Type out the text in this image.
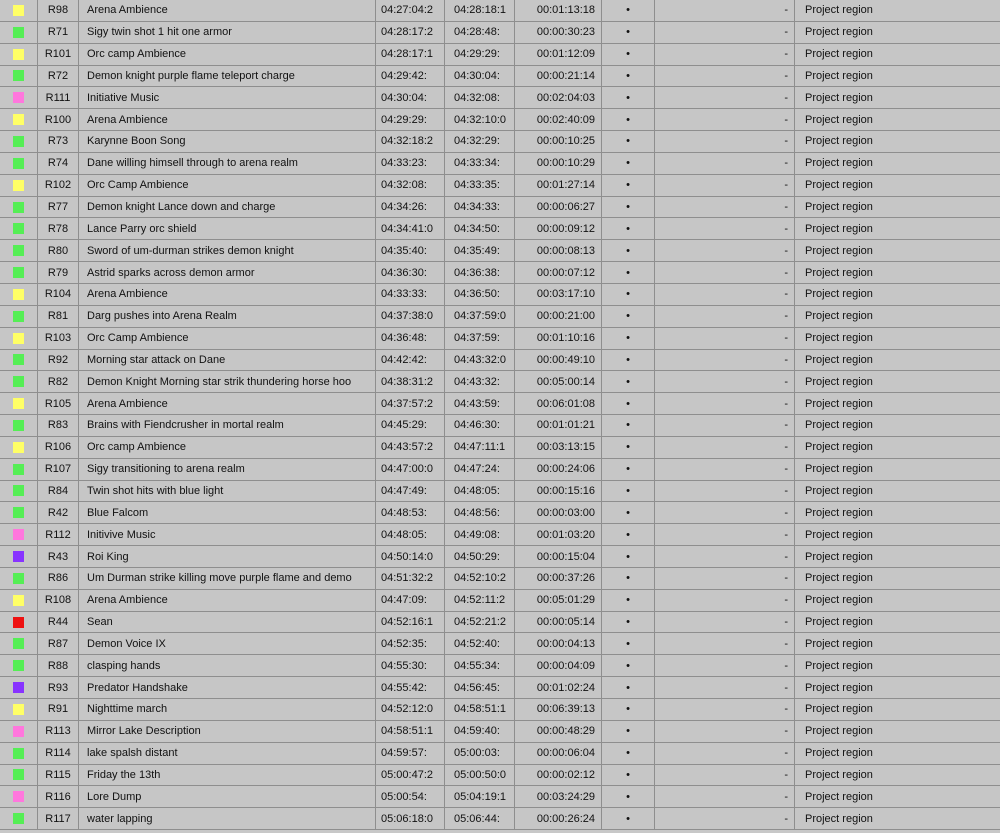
R98	Arena Ambience	04:27:04:2	04:28:18:1	00:01:13:18	•	-	Project region
R71	Sigy twin shot 1 hit one armor	04:28:17:2	04:28:48:	00:00:30:23	•	-	Project region
R101	Orc camp Ambience	04:28:17:1	04:29:29:	00:01:12:09	•	-	Project region
R72	Demon knight purple flame teleport charge	04:29:42:	04:30:04:	00:00:21:14	•	-	Project region
R111	Initiative Music	04:30:04:	04:32:08:	00:02:04:03	•	-	Project region
R100	Arena Ambience	04:29:29:	04:32:10:0	00:02:40:09	•	-	Project region
R73	Karynne Boon Song	04:32:18:2	04:32:29:	00:00:10:25	•	-	Project region
R74	Dane willing himsell through to arena realm	04:33:23:	04:33:34:	00:00:10:29	•	-	Project region
R102	Orc Camp Ambience	04:32:08:	04:33:35:	00:01:27:14	•	-	Project region
R77	Demon knight Lance down and charge	04:34:26:	04:34:33:	00:00:06:27	•	-	Project region
R78	Lance Parry orc shield	04:34:41:0	04:34:50:	00:00:09:12	•	-	Project region
R80	Sword of um-durman strikes demon knight	04:35:40:	04:35:49:	00:00:08:13	•	-	Project region
R79	Astrid sparks across demon armor	04:36:30:	04:36:38:	00:00:07:12	•	-	Project region
R104	Arena Ambience	04:33:33:	04:36:50:	00:03:17:10	•	-	Project region
R81	Darg pushes into Arena Realm	04:37:38:0	04:37:59:0	00:00:21:00	•	-	Project region
R103	Orc Camp Ambience	04:36:48:	04:37:59:	00:01:10:16	•	-	Project region
R92	Morning star attack on Dane	04:42:42:	04:43:32:0	00:00:49:10	•	-	Project region
R82	Demon Knight Morning star strik thundering horse hoo	04:38:31:2	04:43:32:	00:05:00:14	•	-	Project region
R105	Arena Ambience	04:37:57:2	04:43:59:	00:06:01:08	•	-	Project region
R83	Brains with Fiendcrusher in mortal realm	04:45:29:	04:46:30:	00:01:01:21	•	-	Project region
R106	Orc camp Ambience	04:43:57:2	04:47:11:1	00:03:13:15	•	-	Project region
R107	Sigy transitioning to arena realm	04:47:00:0	04:47:24:	00:00:24:06	•	-	Project region
R84	Twin shot hits with blue light	04:47:49:	04:48:05:	00:00:15:16	•	-	Project region
R42	Blue Falcom	04:48:53:	04:48:56:	00:00:03:00	•	-	Project region
R112	Initivive Music	04:48:05:	04:49:08:	00:01:03:20	•	-	Project region
R43	Roi King	04:50:14:0	04:50:29:	00:00:15:04	•	-	Project region
R86	Um Durman strike killing move purple flame and demo	04:51:32:2	04:52:10:2	00:00:37:26	•	-	Project region
R108	Arena Ambience	04:47:09:	04:52:11:2	00:05:01:29	•	-	Project region
R44	Sean	04:52:16:1	04:52:21:2	00:00:05:14	•	-	Project region
R87	Demon Voice IX	04:52:35:	04:52:40:	00:00:04:13	•	-	Project region
R88	clasping hands	04:55:30:	04:55:34:	00:00:04:09	•	-	Project region
R93	Predator Handshake	04:55:42:	04:56:45:	00:01:02:24	•	-	Project region
R91	Nighttime march	04:52:12:0	04:58:51:1	00:06:39:13	•	-	Project region
R113	Mirror Lake Description	04:58:51:1	04:59:40:	00:00:48:29	•	-	Project region
R114	lake spalsh distant	04:59:57:	05:00:03:	00:00:06:04	•	-	Project region
R115	Friday the 13th	05:00:47:2	05:00:50:0	00:00:02:12	•	-	Project region
R116	Lore Dump	05:00:54:	05:04:19:1	00:03:24:29	•	-	Project region
R117	water lapping	05:06:18:0	05:06:44:	00:00:26:24	•	-	Project region
